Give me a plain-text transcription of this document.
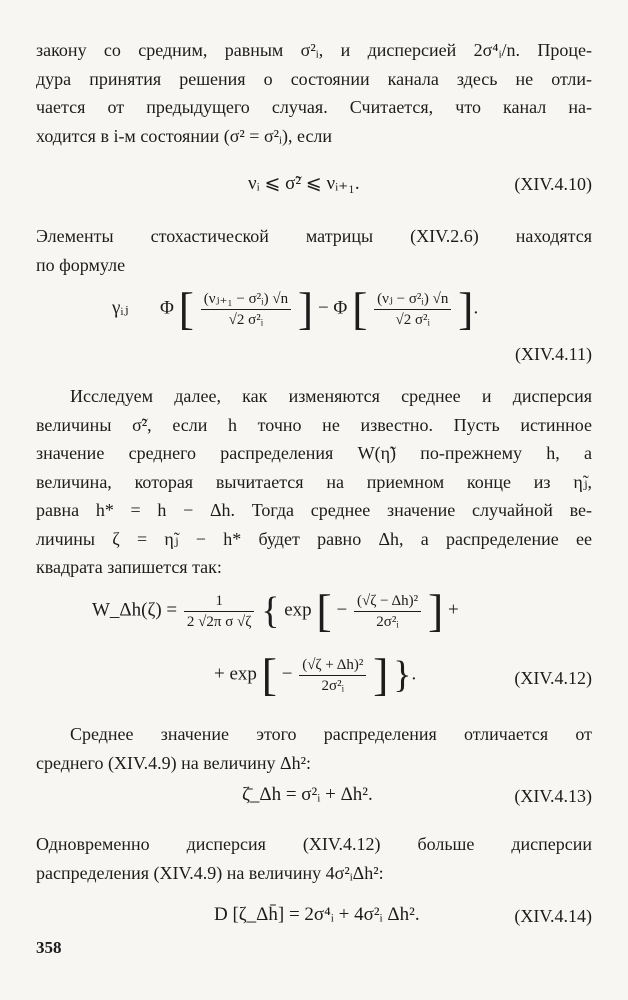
закону со средним, равным σ²ᵢ, и дисперсией 2σ⁴ᵢ/n. Проце-
дура принятия решения о состоянии канала здесь не отли-
чается от предыдущего случая. Считается, что канал на-
ходится в i-м состоянии (σ² = σ²ᵢ), если
νᵢ ⩽ σ̃² ⩽ νᵢ₊₁.	(XIV.4.10)
Элементы стохастической матрицы (XIV.2.6) находятся
по формуле
γᵢⱼ Φ [ $\frac{\text{(νⱼ₊₁ − σ²ᵢ) √n}}{\text{√2 σ²ᵢ}}$ ] − Φ [ $\frac{\text{(νⱼ − σ²ᵢ) √n}}{\text{√2 σ²ᵢ}}$ ].
(XIV.4.11)
Исследуем далее, как изменяются среднее и дисперсия
величины σ̃², если h точно не известно. Пусть истинное
значение среднего распределения W(η̃) по-прежнему h, а
величина, которая вычитается на приемном конце из η̃ⱼ,
равна h* = h − Δh. Тогда среднее значение случайной ве-
личины ζ = η̃ⱼ − h* будет равно Δh, а распределение ее
квадрата запишется так:
W_Δh(ζ) = $\frac{1}{\text{2 √2π σ √ζ}}$ { exp [ − $\frac{\text{(√ζ − Δh)²}}{\text{2σ²ᵢ}}$ ] +
+ exp [ − $\frac{\text{(√ζ + Δh)²}}{\text{2σ²ᵢ}}$ ] }.	(XIV.4.12)
Среднее значение этого распределения отличается от
среднего (XIV.4.9) на величину Δh²:
ζ̄_Δh = σ²ᵢ + Δh².	(XIV.4.13)
Одновременно дисперсия (XIV.4.12) больше дисперсии
распределения (XIV.4.9) на величину 4σ²ᵢΔh²:
D [ζ_Δh̄] = 2σ⁴ᵢ + 4σ²ᵢ Δh².	(XIV.4.14)
358
